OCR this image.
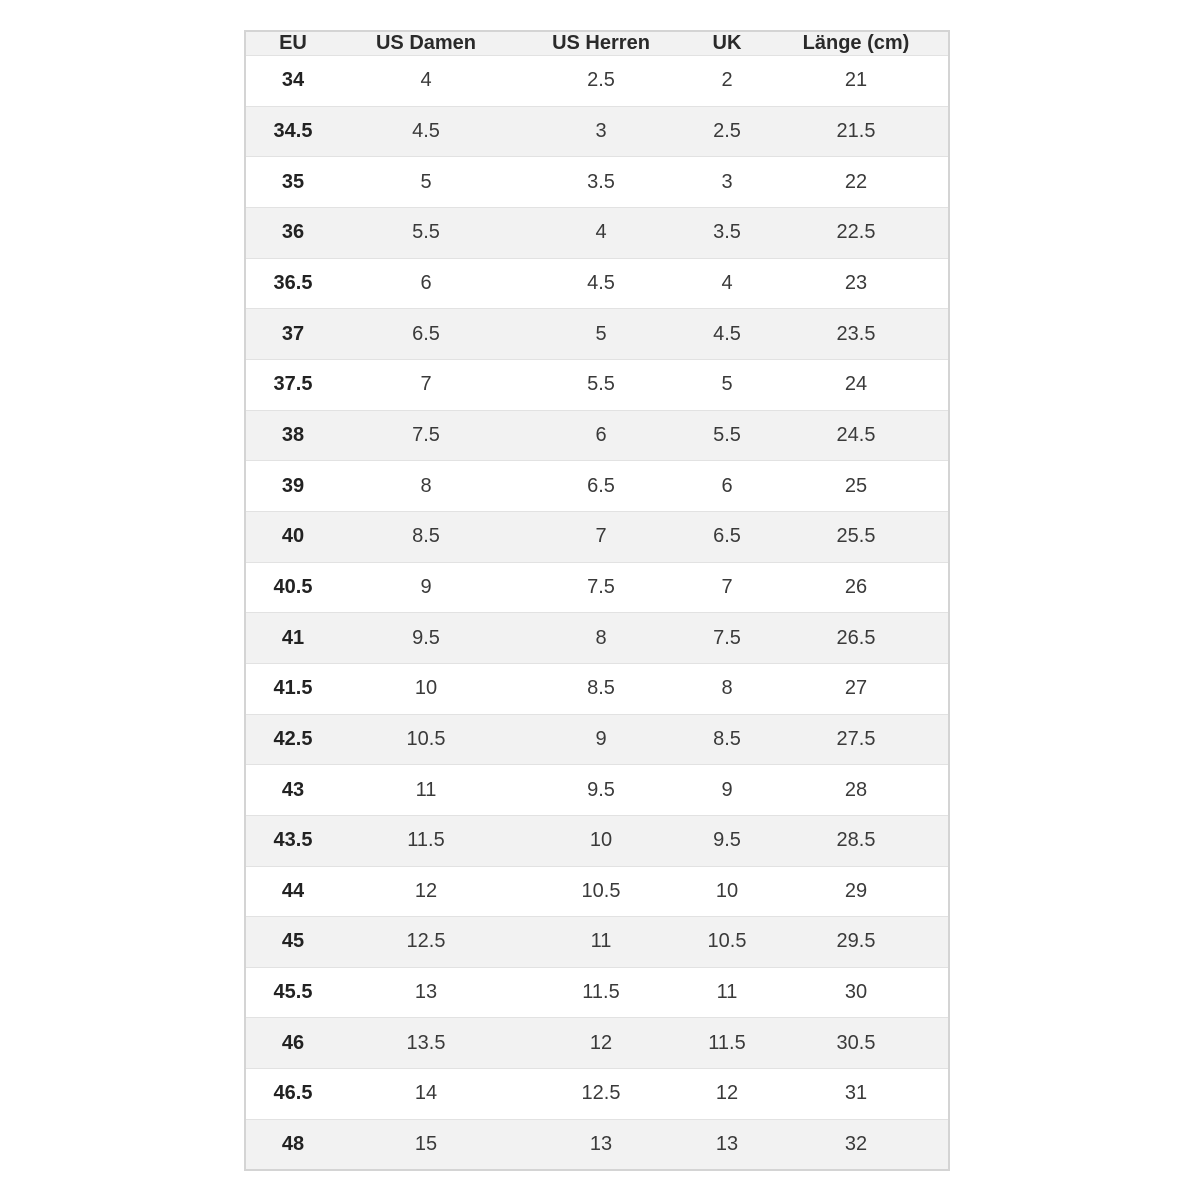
EU	US Damen	US Herren	UK	Länge (cm)
34	4	2.5	2	21
34.5	4.5	3	2.5	21.5
35	5	3.5	3	22
36	5.5	4	3.5	22.5
36.5	6	4.5	4	23
37	6.5	5	4.5	23.5
37.5	7	5.5	5	24
38	7.5	6	5.5	24.5
39	8	6.5	6	25
40	8.5	7	6.5	25.5
40.5	9	7.5	7	26
41	9.5	8	7.5	26.5
41.5	10	8.5	8	27
42.5	10.5	9	8.5	27.5
43	11	9.5	9	28
43.5	11.5	10	9.5	28.5
44	12	10.5	10	29
45	12.5	11	10.5	29.5
45.5	13	11.5	11	30
46	13.5	12	11.5	30.5
46.5	14	12.5	12	31
48	15	13	13	32
